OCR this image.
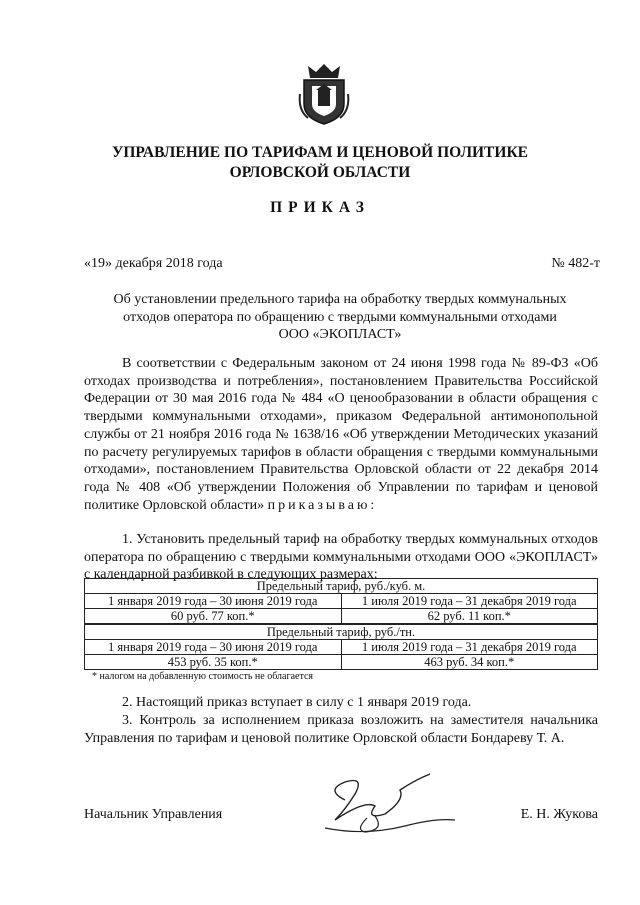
УПРАВЛЕНИЕ ПО ТАРИФАМ И ЦЕНОВОЙ ПОЛИТИКЕ
ОРЛОВСКОЙ ОБЛАСТИ
ПРИКАЗ
«19» декабря 2018 года	№ 482-т
Об установлении предельного тарифа на обработку твердых коммунальных
отходов оператора по обращению с твердыми коммунальными отходами
ООО «ЭКОПЛАСТ»
В соответствии с Федеральным законом от 24 июня 1998 года № 89-ФЗ «Об отходах производства и потребления», постановлением Правительства Российской Федерации от 30 мая 2016 года № 484 «О ценообразовании в области обращения с твердыми коммунальными отходами», приказом Федеральной антимонопольной службы от 21 ноября 2016 года № 1638/16 «Об утверждении Методических указаний по расчету регулируемых тарифов в области обращения с твердыми коммунальными отходами», постановлением Правительства Орловской области от 22 декабря 2014 года № 408 «Об утверждении Положения об Управлении по тарифам и ценовой политике Орловской области» приказываю:
1. Установить предельный тариф на обработку твердых коммунальных отходов оператора по обращению с твердыми коммунальными отходами ООО «ЭКОПЛАСТ» с календарной разбивкой в следующих размерах:
Предельный тариф, руб./куб. м.	
1 января 2019 года – 30 июня 2019 года	1 июля 2019 года – 31 декабря 2019 года
60 руб. 77 коп.*	62 руб. 11 коп.*
Предельный тариф, руб./тн.	
1 января 2019 года – 30 июня 2019 года	1 июля 2019 года – 31 декабря 2019 года
453 руб. 35 коп.*	463 руб. 34 коп.*
* налогом на добавленную стоимость не облагается
2. Настоящий приказ вступает в силу с 1 января 2019 года.
3. Контроль за исполнением приказа возложить на заместителя начальника Управления по тарифам и ценовой политике Орловской области Бондареву Т. А.
Начальник Управления	Е. Н. Жукова
